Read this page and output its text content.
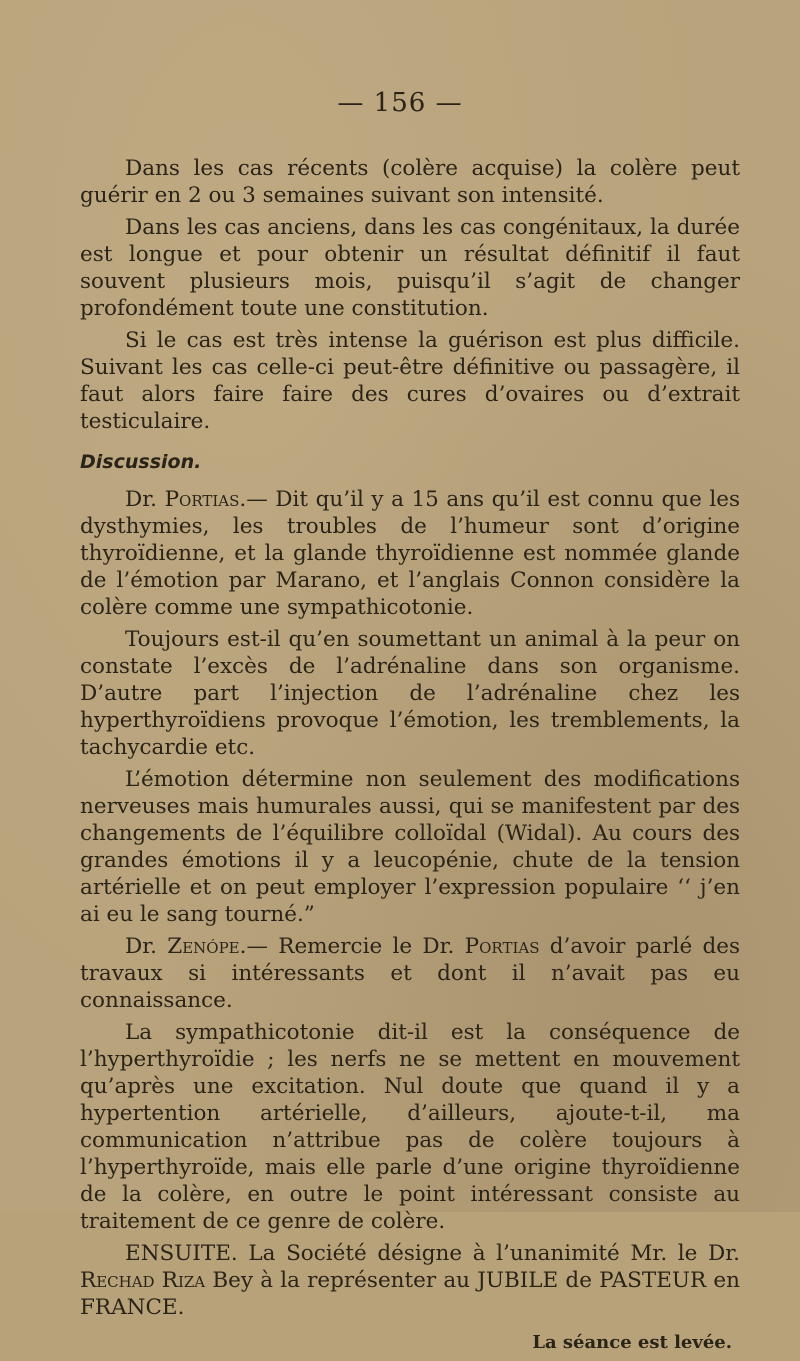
— 156 —

Dans les cas récents (colère acquise) la colère peut guérir en 2 ou 3 semaines suivant son intensité.

Dans les cas anciens, dans les cas congénitaux, la durée est longue et pour obtenir un résultat définitif il faut souvent plusieurs mois, puisqu’il s’agit de changer profondément toute une constitution.

Si le cas est très intense la guérison est plus difficile. Suivant les cas celle-ci peut-être définitive ou passagère, il faut alors faire faire des cures d’ovaires ou d’extrait testiculaire.

Discussion.

Dr. Portias.— Dit qu’il y a 15 ans qu’il est connu que les dysthymies, les troubles de l’humeur sont d’origine thyroïdienne, et la glande thyroïdienne est nommée glande de l’émotion par Marano, et l’anglais Connon considère la colère comme une sympathicotonie.

Toujours est-il qu’en soumettant un animal à la peur on constate l’excès de l’adrénaline dans son organisme. D’autre part l’injection de l’adrénaline chez les hyperthyroïdiens provoque l’émotion, les tremblements, la tachycardie etc.

L’émotion détermine non seulement des modifications nerveuses mais humurales aussi, qui se manifestent par des changements de l’équilibre colloïdal (Widal). Au cours des grandes émotions il y a leucopénie, chute de la tension artérielle et on peut employer l’expression populaire ‘‘ j’en ai eu le sang tourné.”

Dr. Zenópe.— Remercie le Dr. Portias d’avoir parlé des travaux si intéressants et dont il n’avait pas eu connaissance.

La sympathicotonie dit-il est la conséquence de l’hyperthyroïdie ; les nerfs ne se mettent en mouvement qu’après une excitation. Nul doute que quand il y a hypertention artérielle, d’ailleurs, ajoute-t-il, ma communication n’attribue pas de colère toujours à l’hyperthyroïde, mais elle parle d’une origine thyroïdienne de la colère, en outre le point intéressant consiste au traitement de ce genre de colère.

ENSUITE. La Société désigne à l’unanimité Mr. le Dr. Rechad Riza Bey à la représenter au JUBILE de PASTEUR en FRANCE.

La séance est levée.
